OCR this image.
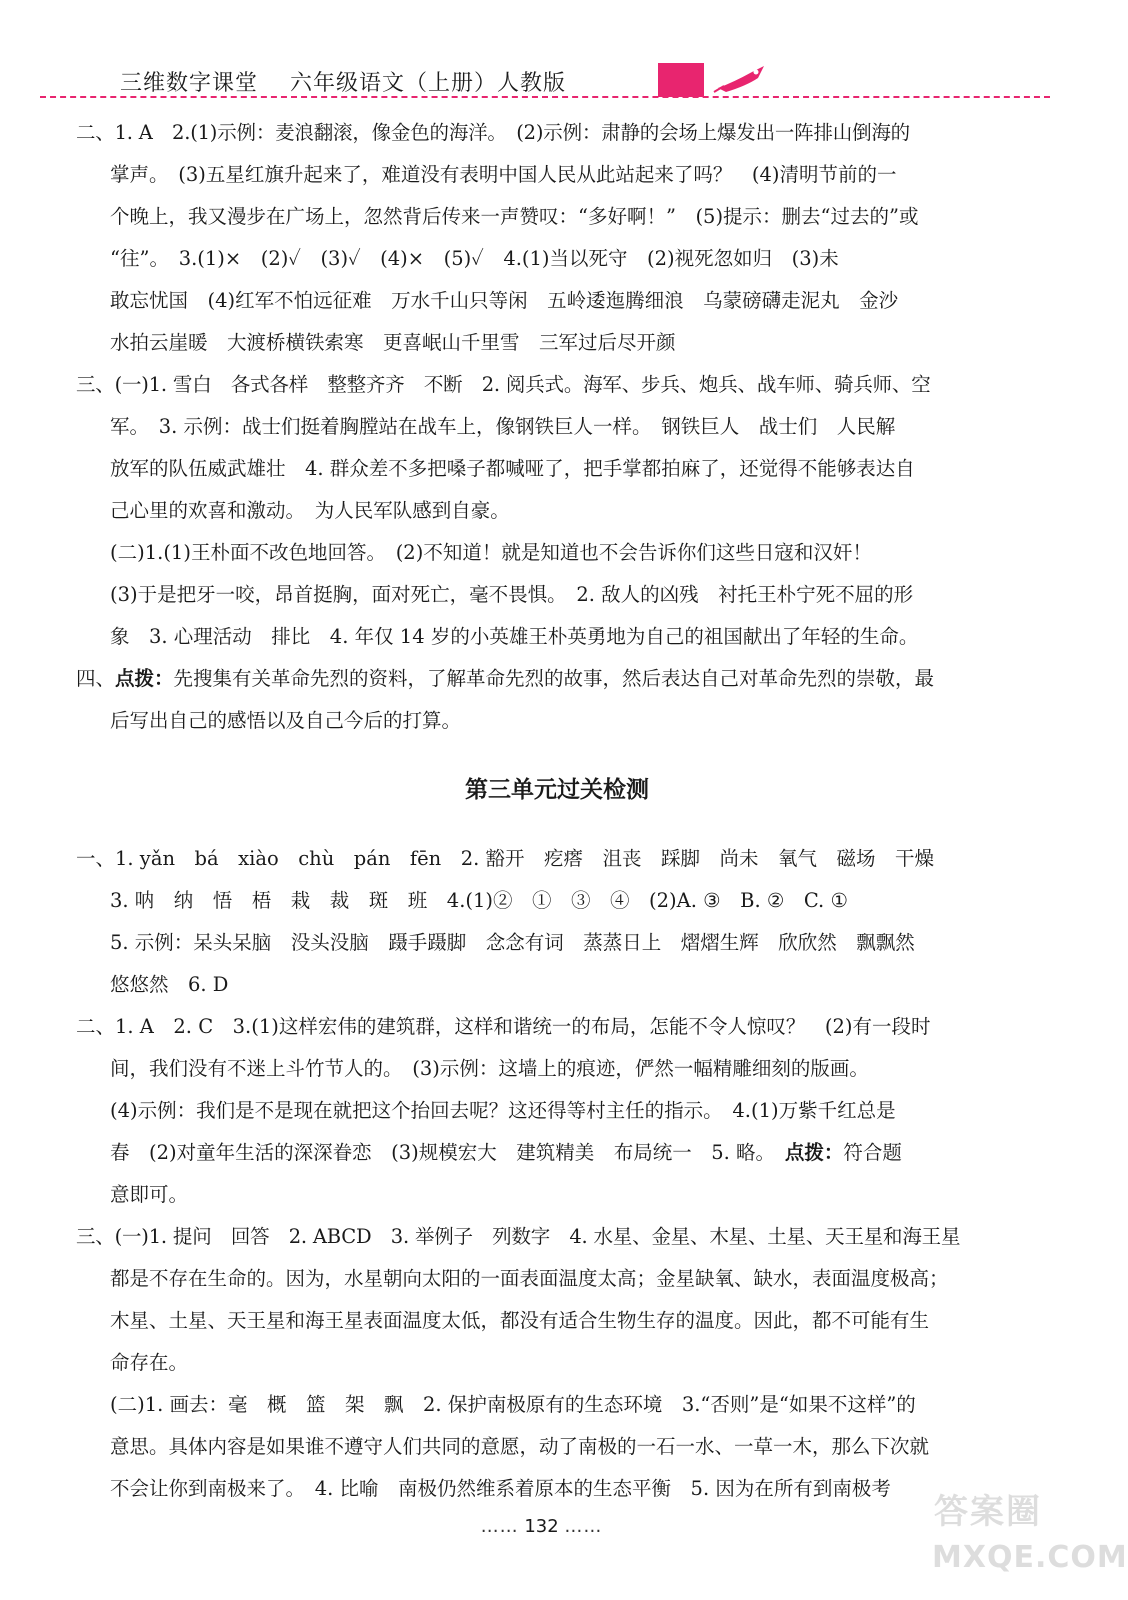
三维数字课堂 六年级语文（上册）人教版
二、1. A　2.(1)示例：麦浪翻滚，像金色的海洋。　(2)示例：肃静的会场上爆发出一阵排山倒海的
掌声。　(3)五星红旗升起来了，难道没有表明中国人民从此站起来了吗？　(4)清明节前的一
个晚上，我又漫步在广场上，忽然背后传来一声赞叹：“多好啊！”　(5)提示：删去“过去的”或
“往”。　3.(1)×　(2)✓　(3)✓　(4)×　(5)✓　4.(1)当以死守　(2)视死忽如归　(3)未
敢忘忧国　(4)红军不怕远征难　万水千山只等闲　五岭逶迤腾细浪　乌蒙磅礴走泥丸　金沙
水拍云崖暖　大渡桥横铁索寒　更喜岷山千里雪　三军过后尽开颜
三、(一)1. 雪白　各式各样　整整齐齐　不断　2. 阅兵式。海军、步兵、炮兵、战车师、骑兵师、空
军。　3. 示例：战士们挺着胸膛站在战车上，像钢铁巨人一样。　钢铁巨人　战士们　人民解
放军的队伍威武雄壮　4. 群众差不多把嗓子都喊哑了，把手掌都拍麻了，还觉得不能够表达自
己心里的欢喜和激动。　为人民军队感到自豪。
(二)1.(1)王朴面不改色地回答。　(2)不知道！就是知道也不会告诉你们这些日寇和汉奸！
(3)于是把牙一咬，昂首挺胸，面对死亡，毫不畏惧。　2. 敌人的凶残　衬托王朴宁死不屈的形
象　3. 心理活动　排比　4. 年仅 14 岁的小英雄王朴英勇地为自己的祖国献出了年轻的生命。
四、点拨：先搜集有关革命先烈的资料，了解革命先烈的故事，然后表达自己对革命先烈的崇敬，最
后写出自己的感悟以及自己今后的打算。
第三单元过关检测
一、1. yǎn　bá　xiào　chù　pán　fēn　2. 豁开　疙瘩　沮丧　踩脚　尚未　氧气　磁场　干燥
3. 呐　纳　悟　梧　栽　裁　斑　班　4.(1)②　①　③　④　(2)A. ③　B. ②　C. ①
5. 示例：呆头呆脑　没头没脑　蹑手蹑脚　念念有词　蒸蒸日上　熠熠生辉　欣欣然　飘飘然
悠悠然　6. D
二、1. A　2. C　3.(1)这样宏伟的建筑群，这样和谐统一的布局，怎能不令人惊叹？　(2)有一段时
间，我们没有不迷上斗竹节人的。　(3)示例：这墙上的痕迹，俨然一幅精雕细刻的版画。
(4)示例：我们是不是现在就把这个抬回去呢？这还得等村主任的指示。　4.(1)万紫千红总是
春　(2)对童年生活的深深眷恋　(3)规模宏大　建筑精美　布局统一　5. 略。　点拨：符合题
意即可。
三、(一)1. 提问　回答　2. ABCD　3. 举例子　列数字　4. 水星、金星、木星、土星、天王星和海王星
都是不存在生命的。因为，水星朝向太阳的一面表面温度太高；金星缺氧、缺水，表面温度极高；
木星、土星、天王星和海王星表面温度太低，都没有适合生物生存的温度。因此，都不可能有生
命存在。
(二)1. 画去：毫　概　篮　架　飘　2. 保护南极原有的生态环境　3.“否则”是“如果不这样”的
意思。具体内容是如果谁不遵守人们共同的意愿，动了南极的一石一水、一草一木，那么下次就
不会让你到南极来了。　4. 比喻　南极仍然维系着原本的生态平衡　5. 因为在所有到南极考
…… 132 ……	答案圈
MXQE.COM
